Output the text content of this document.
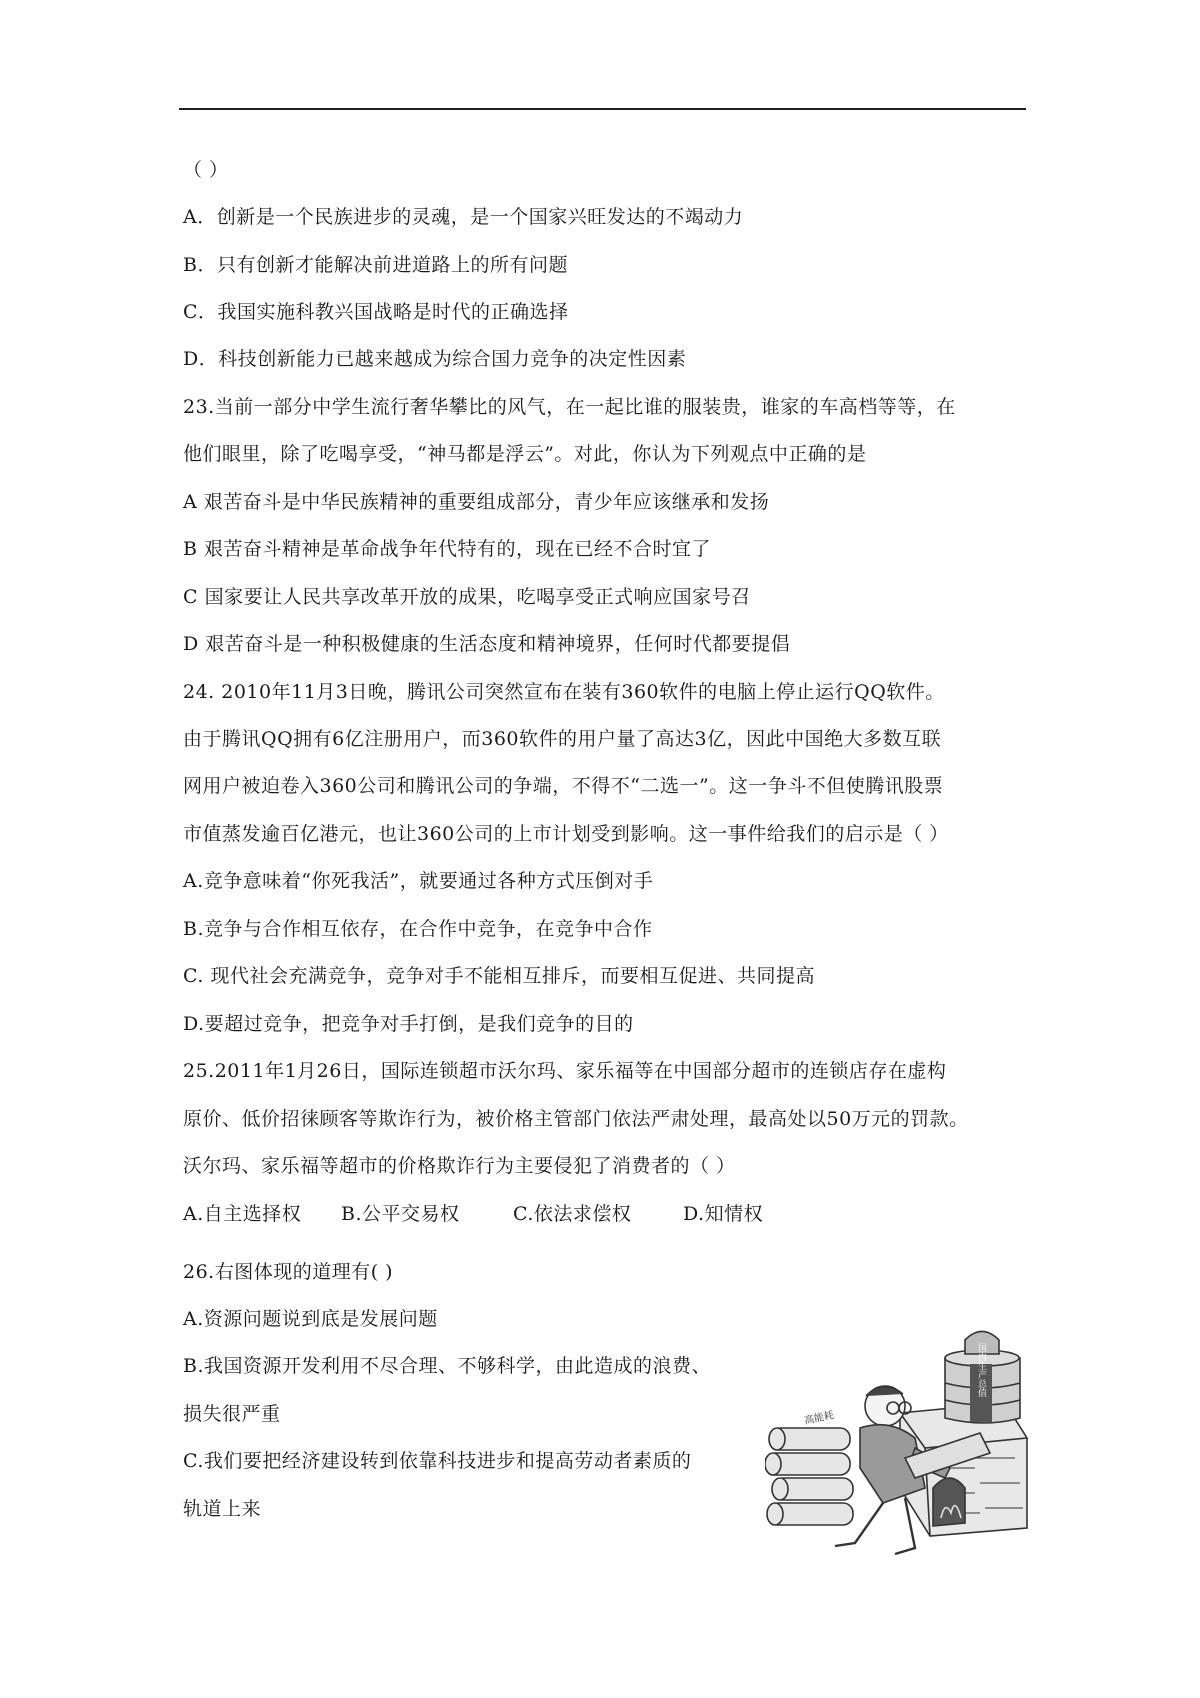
（ ）
A．创新是一个民族进步的灵魂，是一个国家兴旺发达的不竭动力
B．只有创新才能解决前进道路上的所有问题
C．我国实施科教兴国战略是时代的正确选择
D．科技创新能力已越来越成为综合国力竞争的决定性因素
23.当前一部分中学生流行奢华攀比的风气，在一起比谁的服装贵，谁家的车高档等等，在
他们眼里，除了吃喝享受，“神马都是浮云”。对此，你认为下列观点中正确的是
A 艰苦奋斗是中华民族精神的重要组成部分，青少年应该继承和发扬
B 艰苦奋斗精神是革命战争年代特有的，现在已经不合时宜了
C 国家要让人民共享改革开放的成果，吃喝享受正式响应国家号召
D 艰苦奋斗是一种积极健康的生活态度和精神境界，任何时代都要提倡
24. 2010年11月3日晚，腾讯公司突然宣布在装有360软件的电脑上停止运行QQ软件。
由于腾讯QQ拥有6亿注册用户，而360软件的用户量了高达3亿，因此中国绝大多数互联
网用户被迫卷入360公司和腾讯公司的争端，不得不“二选一”。这一争斗不但使腾讯股票
市值蒸发逾百亿港元，也让360公司的上市计划受到影响。这一事件给我们的启示是（ ）
A.竞争意味着“你死我活”，就要通过各种方式压倒对手
B.竞争与合作相互依存，在合作中竞争，在竞争中合作
C. 现代社会充满竞争，竞争对手不能相互排斥，而要相互促进、共同提高
D.要超过竞争，把竞争对手打倒，是我们竞争的目的
25.2011年1月26日，国际连锁超市沃尔玛、家乐福等在中国部分超市的连锁店存在虚构
原价、低价招徕顾客等欺诈行为，被价格主管部门依法严肃处理，最高处以50万元的罚款。
沃尔玛、家乐福等超市的价格欺诈行为主要侵犯了消费者的（ ）
A.自主选择权 B.公平交易权	C.依法求偿权	D.知情权
26.右图体现的道理有( )
A.资源问题说到底是发展问题
B.我国资源开发利用不尽合理、不够科学，由此造成的浪费、
损失很严重
C.我们要把经济建设转到依靠科技进步和提高劳动者素质的
轨道上来
国内生产总值
高能耗
